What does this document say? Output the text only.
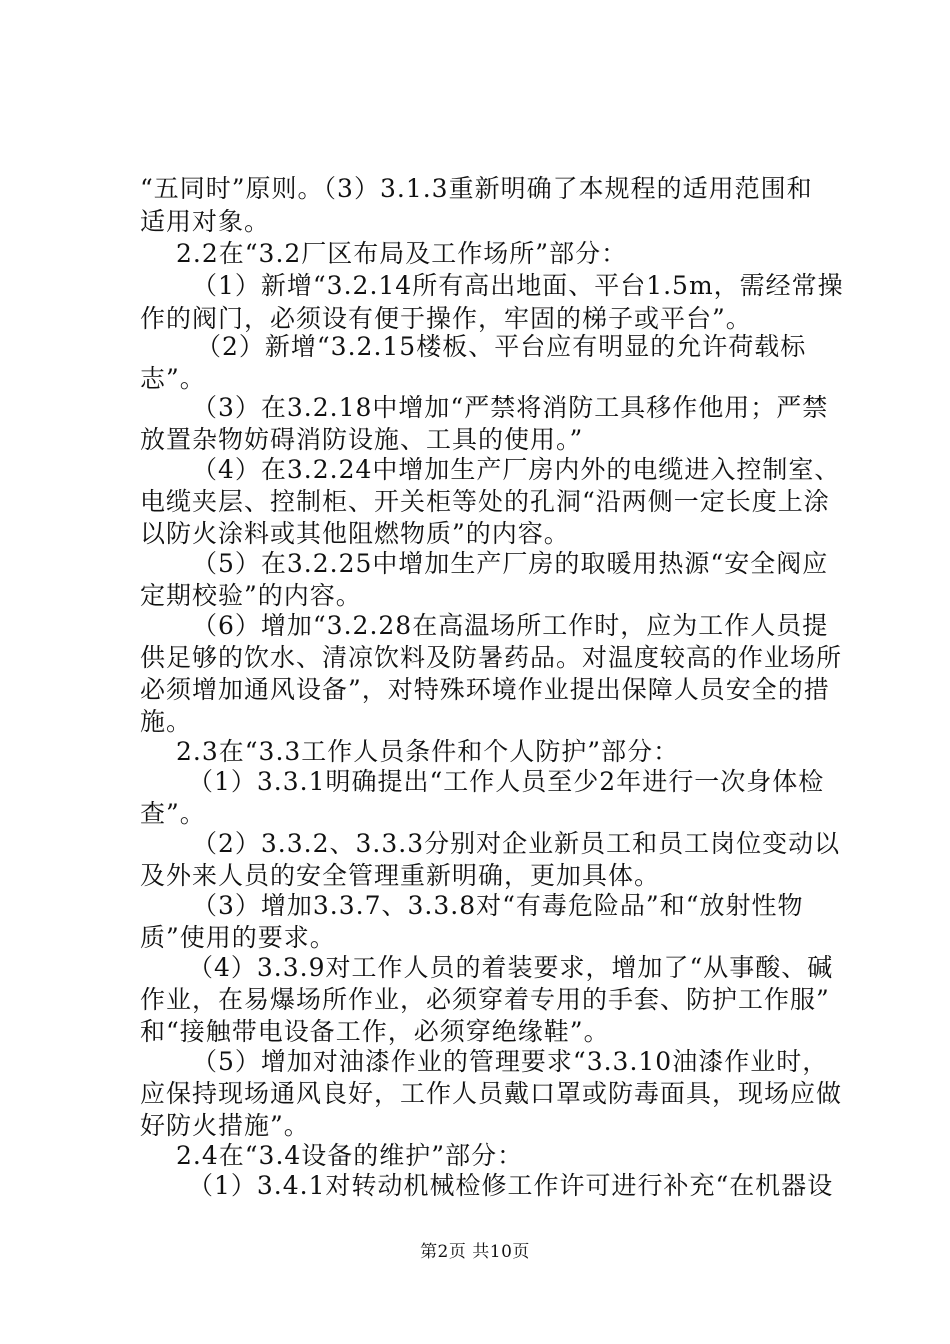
“五同时”原则。（3）3.1.3重新明确了本规程的适用范围和
适用对象。
2.2在“3.2厂区布局及工作场所”部分：
（1）新增“3.2.14所有高出地面、平台1.5m，需经常操
作的阀门，必须设有便于操作，牢固的梯子或平台”。
（2）新增“3.2.15楼板、平台应有明显的允许荷载标
志”。
（3）在3.2.18中增加“严禁将消防工具移作他用；严禁
放置杂物妨碍消防设施、工具的使用。”
（4）在3.2.24中增加生产厂房内外的电缆进入控制室、
电缆夹层、控制柜、开关柜等处的孔洞“沿两侧一定长度上涂
以防火涂料或其他阻燃物质”的内容。
（5）在3.2.25中增加生产厂房的取暖用热源“安全阀应
定期校验”的内容。
（6）增加“3.2.28在高温场所工作时，应为工作人员提
供足够的饮水、清凉饮料及防暑药品。对温度较高的作业场所
必须增加通风设备”，对特殊环境作业提出保障人员安全的措
施。
2.3在“3.3工作人员条件和个人防护”部分：
（1）3.3.1明确提出“工作人员至少2年进行一次身体检
查”。
（2）3.3.2、3.3.3分别对企业新员工和员工岗位变动以
及外来人员的安全管理重新明确，更加具体。
（3）增加3.3.7、3.3.8对“有毒危险品”和“放射性物
质”使用的要求。
（4）3.3.9对工作人员的着装要求，增加了“从事酸、碱
作业，在易爆场所作业，必须穿着专用的手套、防护工作服”
和“接触带电设备工作，必须穿绝缘鞋”。
（5）增加对油漆作业的管理要求“3.3.10油漆作业时，
应保持现场通风良好，工作人员戴口罩或防毒面具，现场应做
好防火措施”。
2.4在“3.4设备的维护”部分：
（1）3.4.1对转动机械检修工作许可进行补充“在机器设
第2页 共10页
